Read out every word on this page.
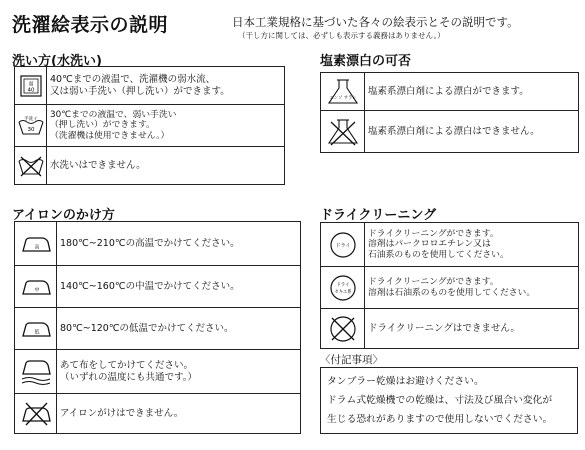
洗濯絵表示の説明	日本工業規格に基づいた各々の絵表示とその説明です。
（干し方に関しては、必ずしも表示する義務はありません。）
洗い方(水洗い)
弱
40	40℃までの液温で、洗濯機の弱水流、
又は弱い手洗い（押し洗い）ができます。

手洗イ
30	30℃までの液温で、弱い手洗い
（押し洗い）ができます。
（洗濯機は使用できません。）

水洗いはできません。
塩素漂白の可否
エンソ サラシ	塩素系漂白剤による漂白ができます。

塩素系漂白剤による漂白はできません。
アイロンのかけ方
高	180℃~210℃の高温でかけてください。

中	140℃~160℃の中温でかけてください。

低	80℃~120℃の低温でかけてください。

あて布をしてかけてください。
（いずれの温度にも共通です。）

アイロンがけはできません。
ドライクリーニング
ドライ	ドライクリーニングができます。
溶剤はパークロロエチレン又は
石油系のものを使用してください。

ドライ
セキユ系	ドライクリーニングができます。
溶剤は石油系のものを使用してください。

ドライクリーニングはできません。
〈付記事項〉
タンブラー乾燥はお避けください。
ドラム式乾燥機での乾燥は、寸法及び風合い変化が
生じる恐れがありますので使用しないでください。
